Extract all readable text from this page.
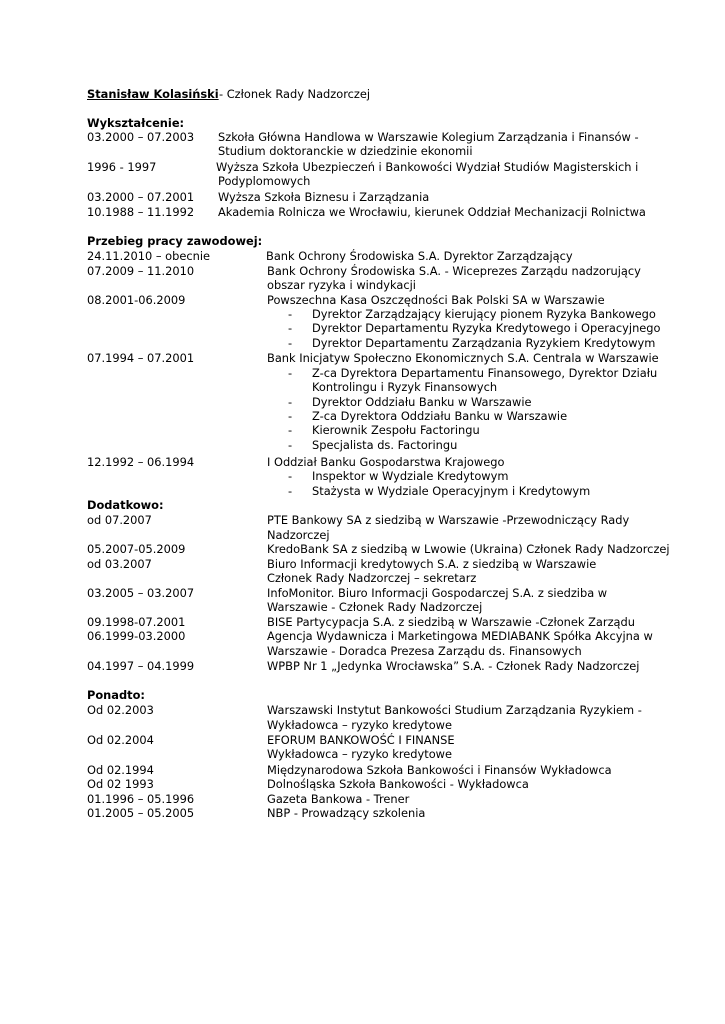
Stanisław Kolasiński - Członek Rady Nadzorczej
Wykształcenie:
03.2000 – 07.2003 Szkoła Główna Handlowa w Warszawie Kolegium Zarządzania i Finansów -
Studium doktoranckie w dziedzinie ekonomii
1996 - 1997	Wyższa Szkoła Ubezpieczeń i Bankowości Wydział Studiów Magisterskich i
Podyplomowych
03.2000 – 07.2001 Wyższa Szkoła Biznesu i Zarządzania
10.1988 – 11.1992 Akademia Rolnicza we Wrocławiu, kierunek Oddział Mechanizacji Rolnictwa
Przebieg pracy zawodowej:
24.11.2010 – obecnie	Bank Ochrony Środowiska S.A. Dyrektor Zarządzający
07.2009 – 11.2010	Bank Ochrony Środowiska S.A. - Wiceprezes Zarządu nadzorujący
obszar ryzyka i windykacji
08.2001-06.2009	Powszechna Kasa Oszczędności Bak Polski SA w Warszawie
- Dyrektor Zarządzający kierujący pionem Ryzyka Bankowego
- Dyrektor Departamentu Ryzyka Kredytowego i Operacyjnego
- Dyrektor Departamentu Zarządzania Ryzykiem Kredytowym
07.1994 – 07.2001	Bank Inicjatyw Społeczno Ekonomicznych S.A. Centrala w Warszawie
- Z-ca Dyrektora Departamentu Finansowego, Dyrektor Działu
Kontrolingu i Ryzyk Finansowych
- Dyrektor Oddziału Banku w Warszawie
- Z-ca Dyrektora Oddziału Banku w Warszawie
- Kierownik Zespołu Factoringu
- Specjalista ds. Factoringu
12.1992 – 06.1994	I Oddział Banku Gospodarstwa Krajowego
- Inspektor w Wydziale Kredytowym
- Stażysta w Wydziale Operacyjnym i Kredytowym
Dodatkowo:
od 07.2007	PTE Bankowy SA z siedzibą w Warszawie -Przewodniczący Rady
Nadzorczej
05.2007-05.2009	KredoBank SA z siedzibą w Lwowie (Ukraina) Członek Rady Nadzorczej
od 03.2007	Biuro Informacji kredytowych S.A. z siedzibą w Warszawie
Członek Rady Nadzorczej – sekretarz
03.2005 – 03.2007	InfoMonitor. Biuro Informacji Gospodarczej S.A. z siedziba w
Warszawie - Członek Rady Nadzorczej
09.1998-07.2001	BISE Partycypacja S.A. z siedzibą w Warszawie -Członek Zarządu
06.1999-03.2000	Agencja Wydawnicza i Marketingowa MEDIABANK Spółka Akcyjna w
Warszawie - Doradca Prezesa Zarządu ds. Finansowych
04.1997 – 04.1999	WPBP Nr 1 „Jedynka Wrocławska” S.A. - Członek Rady Nadzorczej
Ponadto:
Od 02.2003	Warszawski Instytut Bankowości Studium Zarządzania Ryzykiem -
Wykładowca – ryzyko kredytowe
Od 02.2004	EFORUM BANKOWOŚĆ I FINANSE
Wykładowca – ryzyko kredytowe
Od 02.1994	Międzynarodowa Szkoła Bankowości i Finansów Wykładowca
Od 02 1993	Dolnośląska Szkoła Bankowości - Wykładowca
01.1996 – 05.1996	Gazeta Bankowa - Trener
01.2005 – 05.2005	NBP - Prowadzący szkolenia
